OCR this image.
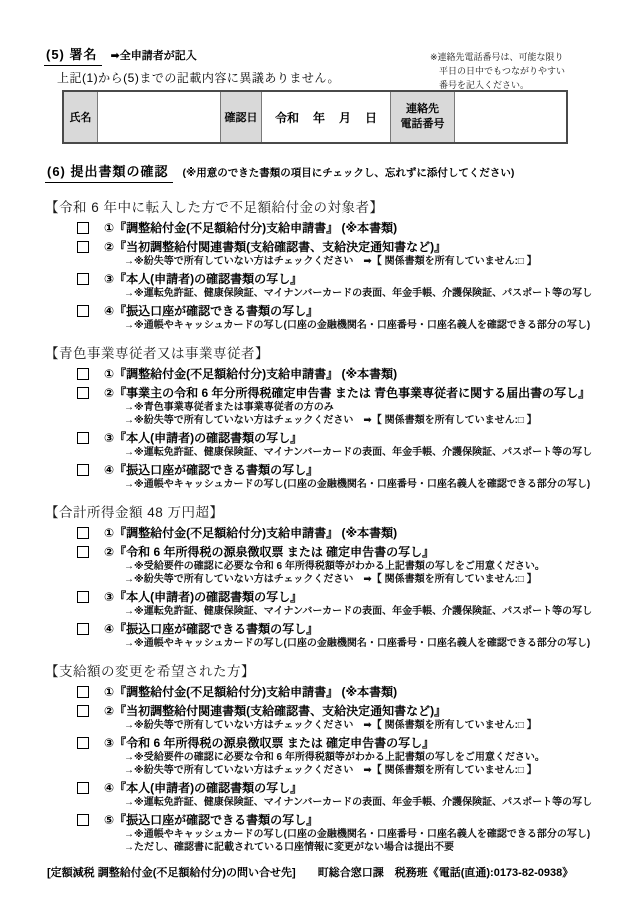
(5) 署名	➡全申請者が記入
上記(1)から(5)までの記載内容に異議ありません。
※連絡先電話番号は、可能な限り
平日の日中でもつながりやすい
番号を記入ください。
氏名	確認日 令和 年 月 日
連絡先
電話番号
(6) 提出書類の確認	(※用意のできた書類の項目にチェックし、忘れずに添付してください)
【令和 6 年中に転入した方で不足額給付金の対象者】
①『調整給付金(不足額給付分)支給申請書』 (※本書類)
②『当初調整給付関連書類(支給確認書、支給決定通知書など)』
→※紛失等で所有していない方はチェックください　➡【 関係書類を所有していません:□ 】
③『本人(申請者)の確認書類の写し』
→※運転免許証、健康保険証、マイナンバーカードの表面、年金手帳、介護保険証、パスポート等の写し
④『振込口座が確認できる書類の写し』
→※通帳やキャッシュカードの写し(口座の金融機関名・口座番号・口座名義人を確認できる部分の写し)
【青色事業専従者又は事業専従者】
①『調整給付金(不足額給付分)支給申請書』 (※本書類)
②『事業主の令和 6 年分所得税確定申告書 または 青色事業専従者に関する届出書の写し』
→※青色事業専従者または事業専従者の方のみ
→※紛失等で所有していない方はチェックください　➡【 関係書類を所有していません:□ 】
③『本人(申請者)の確認書類の写し』
→※運転免許証、健康保険証、マイナンバーカードの表面、年金手帳、介護保険証、パスポート等の写し
④『振込口座が確認できる書類の写し』
→※通帳やキャッシュカードの写し(口座の金融機関名・口座番号・口座名義人を確認できる部分の写し)
【合計所得金額 48 万円超】
①『調整給付金(不足額給付分)支給申請書』 (※本書類)
②『令和 6 年所得税の源泉徴収票 または 確定申告書の写し』
→※受給要件の確認に必要な令和 6 年所得税額等がわかる上記書類の写しをご用意ください。
→※紛失等で所有していない方はチェックください　➡【 関係書類を所有していません:□ 】
③『本人(申請者)の確認書類の写し』
→※運転免許証、健康保険証、マイナンバーカードの表面、年金手帳、介護保険証、パスポート等の写し
④『振込口座が確認できる書類の写し』
→※通帳やキャッシュカードの写し(口座の金融機関名・口座番号・口座名義人を確認できる部分の写し)
【支給額の変更を希望された方】
①『調整給付金(不足額給付分)支給申請書』 (※本書類)
②『当初調整給付関連書類(支給確認書、支給決定通知書など)』
→※紛失等で所有していない方はチェックください　➡【 関係書類を所有していません:□ 】
③『令和 6 年所得税の源泉徴収票 または 確定申告書の写し』
→※受給要件の確認に必要な令和 6 年所得税額等がわかる上記書類の写しをご用意ください。
→※紛失等で所有していない方はチェックください　➡【 関係書類を所有していません:□ 】
④『本人(申請者)の確認書類の写し』
→※運転免許証、健康保険証、マイナンバーカードの表面、年金手帳、介護保険証、パスポート等の写し
⑤『振込口座が確認できる書類の写し』
→※通帳やキャッシュカードの写し(口座の金融機関名・口座番号・口座名義人を確認できる部分の写し)
→ただし、確認書に記載されている口座情報に変更がない場合は提出不要
[定額減税 調整給付金(不足額給付分)の問い合せ先]　　町総合窓口課　税務班《電話(直通):0173-82-0938》
